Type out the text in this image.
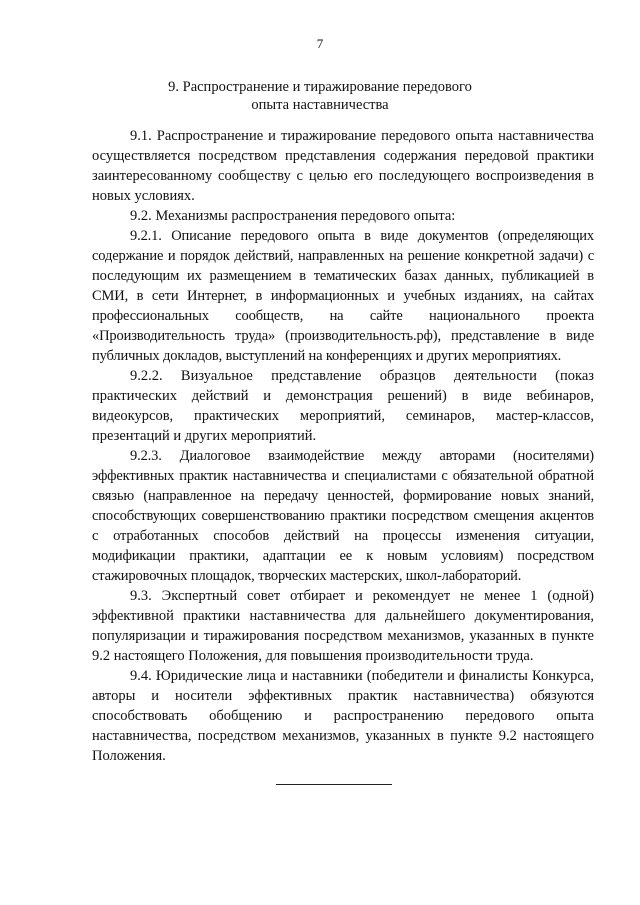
7
9. Распространение и тиражирование передового
опыта наставничества

9.1. Распространение и тиражирование передового опыта наставничества осуществляется посредством представления содержания передовой практики заинтересованному сообществу с целью его последующего воспроизведения в новых условиях.

9.2. Механизмы распространения передового опыта:

9.2.1. Описание передового опыта в виде документов (определяющих содержание и порядок действий, направленных на решение конкретной задачи) с последующим их размещением в тематических базах данных, публикацией в СМИ, в сети Интернет, в информационных и учебных изданиях, на сайтах профессиональных сообществ, на сайте национального проекта «Производительность труда» (производительность.рф), представление в виде публичных докладов, выступлений на конференциях и других мероприятиях.

9.2.2. Визуальное представление образцов деятельности (показ практических действий и демонстрация решений) в виде вебинаров, видеокурсов, практических мероприятий, семинаров, мастер-классов, презентаций и других мероприятий.

9.2.3. Диалоговое взаимодействие между авторами (носителями) эффективных практик наставничества и специалистами с обязательной обратной связью (направленное на передачу ценностей, формирование новых знаний, способствующих совершенствованию практики посредством смещения акцентов с отработанных способов действий на процессы изменения ситуации, модификации практики, адаптации ее к новым условиям) посредством стажировочных площадок, творческих мастерских, школ-лабораторий.

9.3. Экспертный совет отбирает и рекомендует не менее 1 (одной) эффективной практики наставничества для дальнейшего документирования, популяризации и тиражирования посредством механизмов, указанных в пункте 9.2 настоящего Положения, для повышения производительности труда.

9.4. Юридические лица и наставники (победители и финалисты Конкурса, авторы и носители эффективных практик наставничества) обязуются способствовать обобщению и распространению передового опыта наставничества, посредством механизмов, указанных в пункте 9.2 настоящего Положения.
